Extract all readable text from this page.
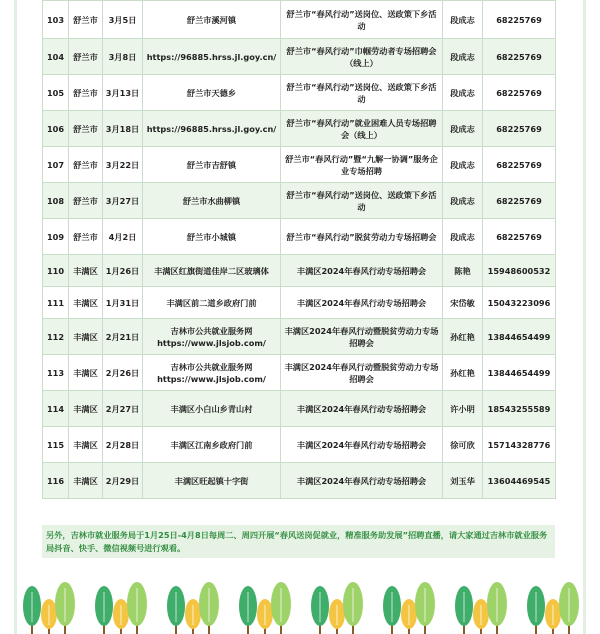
103	舒兰市	3月5日	舒兰市溪河镇	舒兰市“春风行动”送岗位、送政策下乡活动	段成志	68225769
104	舒兰市	3月8日	https://96885.hrss.jl.goy.cn/	舒兰市“春风行动”巾帼劳动者专场招聘会（线上）	段成志	68225769
105	舒兰市	3月13日	舒兰市天德乡	舒兰市“春风行动”送岗位、送政策下乡活动	段成志	68225769
106	舒兰市	3月18日	https://96885.hrss.jl.goy.cn/	舒兰市“春风行动”就业困难人员专场招聘会（线上）	段成志	68225769
107	舒兰市	3月22日	舒兰市吉舒镇	舒兰市“春风行动”暨“九解一协调”服务企业专场招聘	段成志	68225769
108	舒兰市	3月27日	舒兰市水曲柳镇	舒兰市“春风行动”送岗位、送政策下乡活动	段成志	68225769
109	舒兰市	4月2日	舒兰市小城镇	舒兰市“春风行动”脱贫劳动力专场招聘会	段成志	68225769
110	丰满区	1月26日	丰满区红旗街道佳岸二区玻璃体	丰满区2024年春风行动专场招聘会	陈艳	15948600532
111	丰满区	1月31日	丰满区前二道乡政府门前	丰满区2024年春风行动专场招聘会	宋岱敏	15043223096
112	丰满区	2月21日	吉林市公共就业服务网 https://www.jlsjob.com/	丰满区2024年春风行动暨脱贫劳动力专场招聘会	孙红艳	13844654499
113	丰满区	2月26日	吉林市公共就业服务网 https://www.jlsjob.com/	丰满区2024年春风行动暨脱贫劳动力专场招聘会	孙红艳	13844654499
114	丰满区	2月27日	丰满区小白山乡青山村	丰满区2024年春风行动专场招聘会	许小明	18543255589
115	丰满区	2月28日	丰满区江南乡政府门前	丰满区2024年春风行动专场招聘会	徐可欣	15714328776
116	丰满区	2月29日	丰满区旺起镇十字街	丰满区2024年春风行动专场招聘会	刘玉华	13604469545
另外，吉林市就业服务局于1月25日-4月8日每周二、周四开展“春风送岗促就业，精准服务助发展”招聘直播，请大家通过吉林市就业服务局抖音、快手、微信视频号进行观看。
